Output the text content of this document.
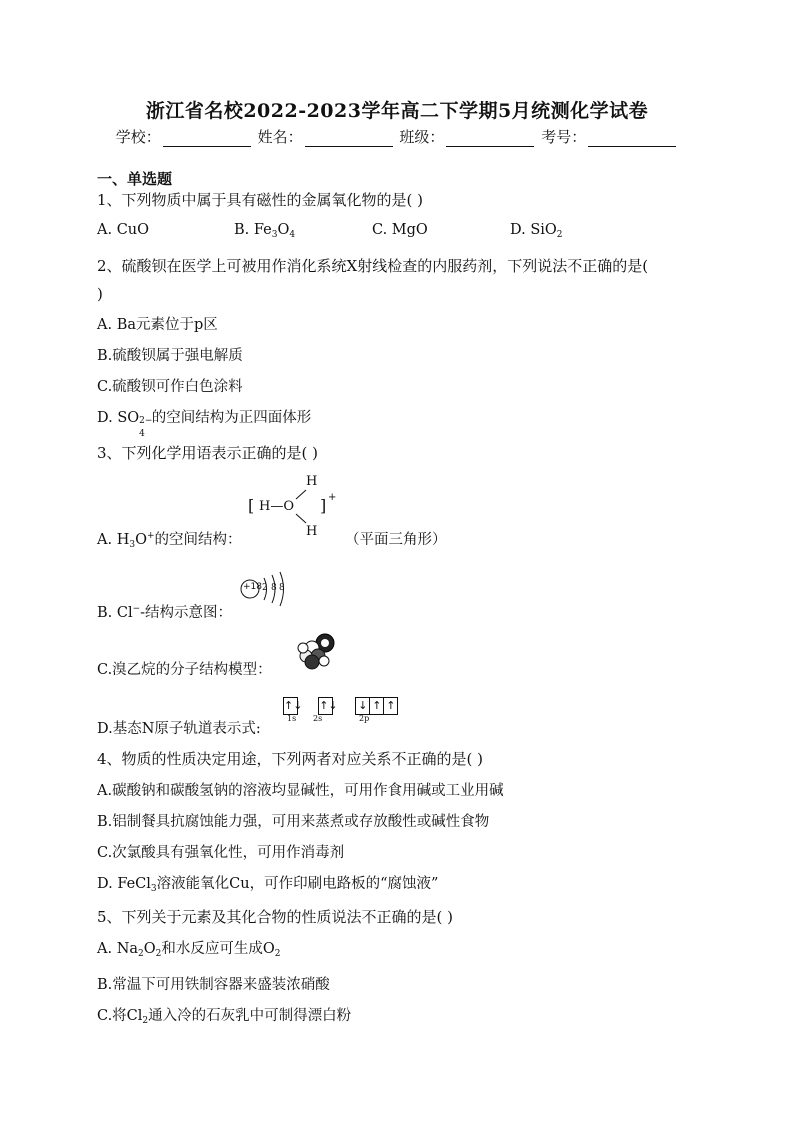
浙江省名校2022-2023学年高二下学期5月统测化学试卷
学校：	姓名：	班级：	考号：
一、单选题
1、下列物质中属于具有磁性的金属氧化物的是( )
A. CuO	B. $Fe_3O_4$	C. MgO	D. SiO$_2$
2、硫酸钡在医学上可被用作消化系统X射线检查的内服药剂，下列说法不正确的是(
)
A. Ba元素位于p区
B.硫酸钡属于强电解质
C.硫酸钡可作白色涂料
D. SO 2−
4
的空间结构为正四面体形
3、下列化学用语表示正确的是( )
A. $H_3O^+$的空间结构：
[ H—O
H
H
] +
（平面三角形）
B. Cl−-结构示意图：
+18 2 8 8
C.溴乙烷的分子结构模型：
D.基态N原子轨道表示式:
↑↓ ↑↓ ↓ ↑ ↑
1s 2s	2p
4、物质的性质决定用途，下列两者对应关系不正确的是( )
A.碳酸钠和碳酸氢钠的溶液均显碱性，可用作食用碱或工业用碱
B.铝制餐具抗腐蚀能力强，可用来蒸煮或存放酸性或碱性食物
C.次氯酸具有强氧化性，可用作消毒剂
D. FeCl$_3$溶液能氧化Cu，可作印刷电路板的“腐蚀液”
5、下列关于元素及其化合物的性质说法不正确的是( )
A. $Na_2O_2$和水反应可生成$O_2$
B.常温下可用铁制容器来盛装浓硝酸
C.将$Cl_2$通入冷的石灰乳中可制得漂白粉
